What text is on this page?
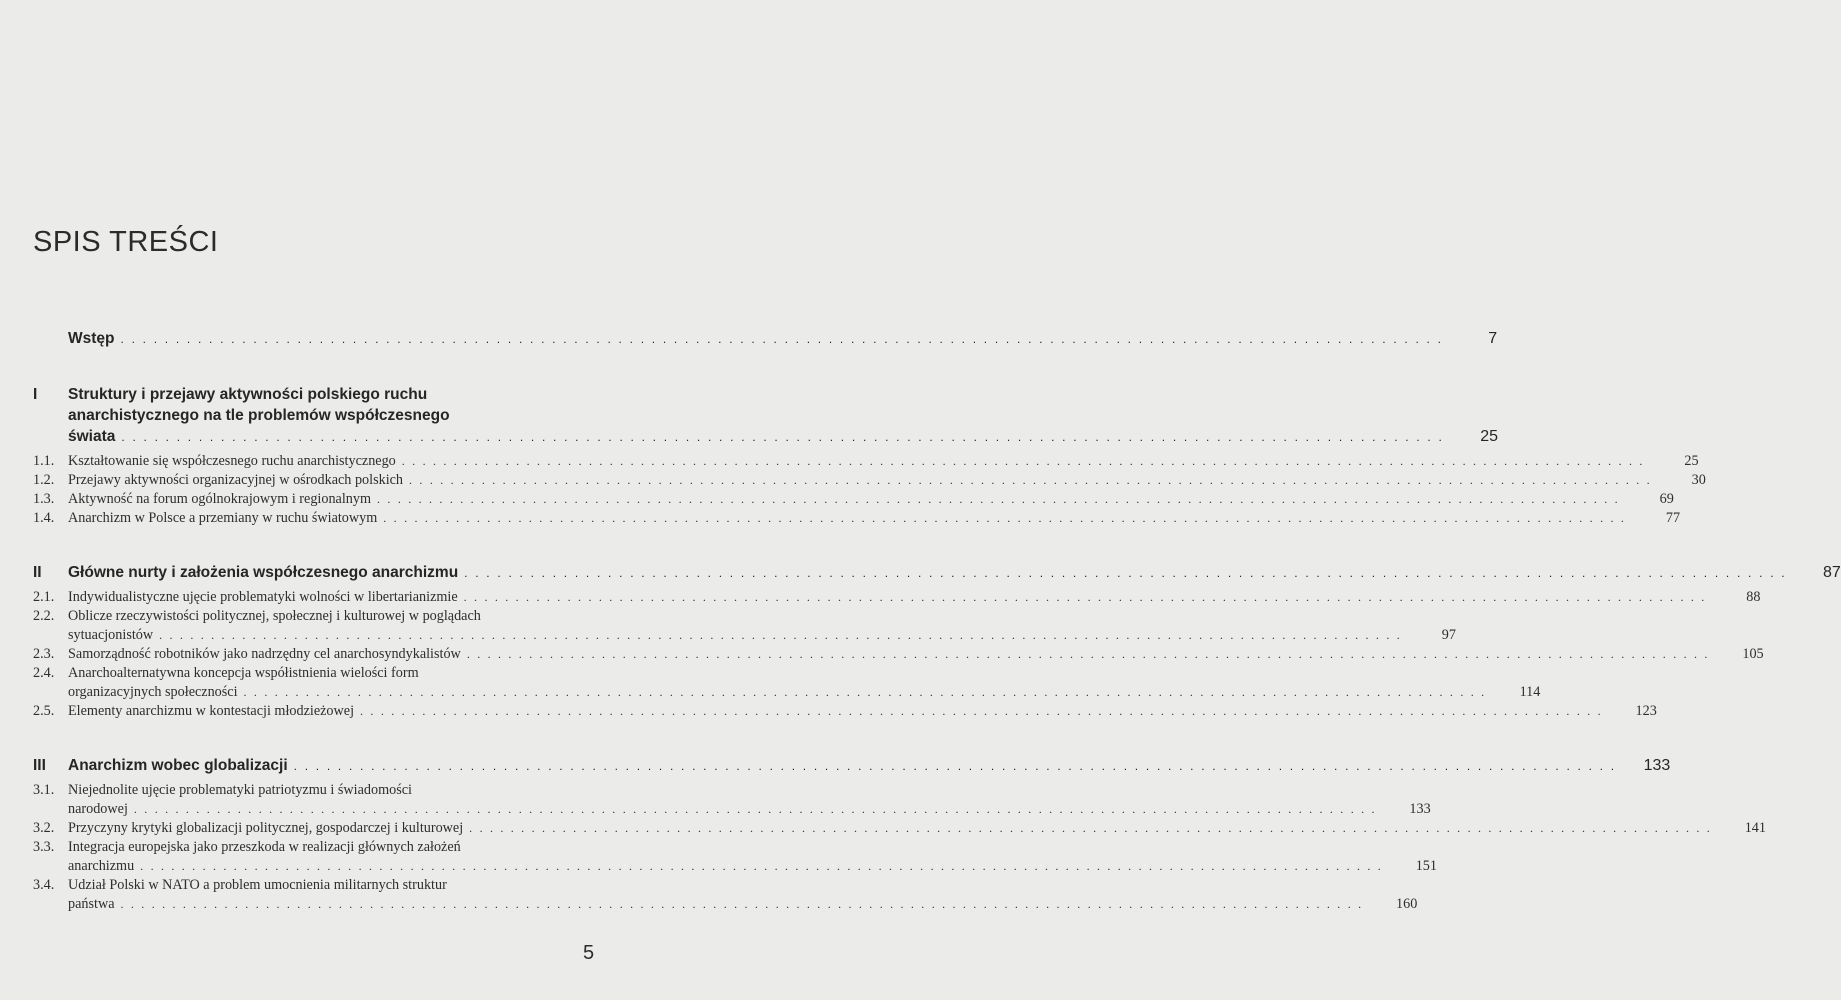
SPIS TREŚCI
Wstęp . . . . . . . . . . . . . . . . . . . . . . . . . . . . . . . . . . . . . . . . . . . . . . . . . . . . . . . . . . . . . . . . . . . . . . . . . . . . . . . . . . . . . . . . . . . . . . . . . . . . . . . . . . . . . . . . . . . . . . . .	7
I	Struktury i przejawy aktywności polskiego ruchu
anarchistycznego na tle problemów współczesnego
świata . . . . . . . . . . . . . . . . . . . . . . . . . . . . . . . . . . . . . . . . . . . . . . . . . . . . . . . . . . . . . . . . . . . . . . . . . . . . . . . . . . . . . . . . . . . . . . . . . . . . . . . . . . . . . . . . . . . . . . . .	25
1.1. Kształtowanie się współczesnego ruchu anarchistycznego . . . . . . . . . . . . . . . . . . . . . . . . . . . . . . . . . . . . . . . . . . . . . . . . . . . . . . . . . . . . . . . . . . . . . . . . . . . . . . . . . . . . . . . . . . . . . . . . . . . . . . . . . . . . . . . . . . . . . . . .	25
1.2. Przejawy aktywności organizacyjnej w ośrodkach polskich . . . . . . . . . . . . . . . . . . . . . . . . . . . . . . . . . . . . . . . . . . . . . . . . . . . . . . . . . . . . . . . . . . . . . . . . . . . . . . . . . . . . . . . . . . . . . . . . . . . . . . . . . . . . . . . . . . . . . . . .	30
1.3. Aktywność na forum ogólnokrajowym i regionalnym . . . . . . . . . . . . . . . . . . . . . . . . . . . . . . . . . . . . . . . . . . . . . . . . . . . . . . . . . . . . . . . . . . . . . . . . . . . . . . . . . . . . . . . . . . . . . . . . . . . . . . . . . . . . . . . . . . . . . . . .	69
1.4. Anarchizm w Polsce a przemiany w ruchu światowym . . . . . . . . . . . . . . . . . . . . . . . . . . . . . . . . . . . . . . . . . . . . . . . . . . . . . . . . . . . . . . . . . . . . . . . . . . . . . . . . . . . . . . . . . . . . . . . . . . . . . . . . . . . . . . . . . . . . . . . .	77
II	Główne nurty i założenia współczesnego anarchizmu . . . . . . . . . . . . . . . . . . . . . . . . . . . . . . . . . . . . . . . . . . . . . . . . . . . . . . . . . . . . . . . . . . . . . . . . . . . . . . . . . . . . . . . . . . . . . . . . . . . . . . . . . . . . . . . . . . . . . . . .	87
2.1. Indywidualistyczne ujęcie problematyki wolności w libertarianizmie . . . . . . . . . . . . . . . . . . . . . . . . . . . . . . . . . . . . . . . . . . . . . . . . . . . . . . . . . . . . . . . . . . . . . . . . . . . . . . . . . . . . . . . . . . . . . . . . . . . . . . . . . . . . . . . . . . . . . . . .	88
2.2. Oblicze rzeczywistości politycznej, społecznej i kulturowej w poglądach
sytuacjonistów . . . . . . . . . . . . . . . . . . . . . . . . . . . . . . . . . . . . . . . . . . . . . . . . . . . . . . . . . . . . . . . . . . . . . . . . . . . . . . . . . . . . . . . . . . . . . . . . . . . . . . . . . . . . . . . . . . . . . . . .	97
2.3. Samorządność robotników jako nadrzędny cel anarchosyndykalistów . . . . . . . . . . . . . . . . . . . . . . . . . . . . . . . . . . . . . . . . . . . . . . . . . . . . . . . . . . . . . . . . . . . . . . . . . . . . . . . . . . . . . . . . . . . . . . . . . . . . . . . . . . . . . . . . . . . . . . . .	105
2.4. Anarchoalternatywna koncepcja współistnienia wielości form
organizacyjnych społeczności . . . . . . . . . . . . . . . . . . . . . . . . . . . . . . . . . . . . . . . . . . . . . . . . . . . . . . . . . . . . . . . . . . . . . . . . . . . . . . . . . . . . . . . . . . . . . . . . . . . . . . . . . . . . . . . . . . . . . . . .	114
2.5. Elementy anarchizmu w kontestacji młodzieżowej . . . . . . . . . . . . . . . . . . . . . . . . . . . . . . . . . . . . . . . . . . . . . . . . . . . . . . . . . . . . . . . . . . . . . . . . . . . . . . . . . . . . . . . . . . . . . . . . . . . . . . . . . . . . . . . . . . . . . . . .	123
III	Anarchizm wobec globalizacji . . . . . . . . . . . . . . . . . . . . . . . . . . . . . . . . . . . . . . . . . . . . . . . . . . . . . . . . . . . . . . . . . . . . . . . . . . . . . . . . . . . . . . . . . . . . . . . . . . . . . . . . . . . . . . . . . . . . . . . .	133
3.1. Niejednolite ujęcie problematyki patriotyzmu i świadomości
narodowej . . . . . . . . . . . . . . . . . . . . . . . . . . . . . . . . . . . . . . . . . . . . . . . . . . . . . . . . . . . . . . . . . . . . . . . . . . . . . . . . . . . . . . . . . . . . . . . . . . . . . . . . . . . . . . . . . . . . . . . .	133
3.2. Przyczyny krytyki globalizacji politycznej, gospodarczej i kulturowej . . . . . . . . . . . . . . . . . . . . . . . . . . . . . . . . . . . . . . . . . . . . . . . . . . . . . . . . . . . . . . . . . . . . . . . . . . . . . . . . . . . . . . . . . . . . . . . . . . . . . . . . . . . . . . . . . . . . . . . .	141
3.3. Integracja europejska jako przeszkoda w realizacji głównych założeń
anarchizmu . . . . . . . . . . . . . . . . . . . . . . . . . . . . . . . . . . . . . . . . . . . . . . . . . . . . . . . . . . . . . . . . . . . . . . . . . . . . . . . . . . . . . . . . . . . . . . . . . . . . . . . . . . . . . . . . . . . . . . . .	151
3.4. Udział Polski w NATO a problem umocnienia militarnych struktur
państwa . . . . . . . . . . . . . . . . . . . . . . . . . . . . . . . . . . . . . . . . . . . . . . . . . . . . . . . . . . . . . . . . . . . . . . . . . . . . . . . . . . . . . . . . . . . . . . . . . . . . . . . . . . . . . . . . . . . . . . . .	160
5
